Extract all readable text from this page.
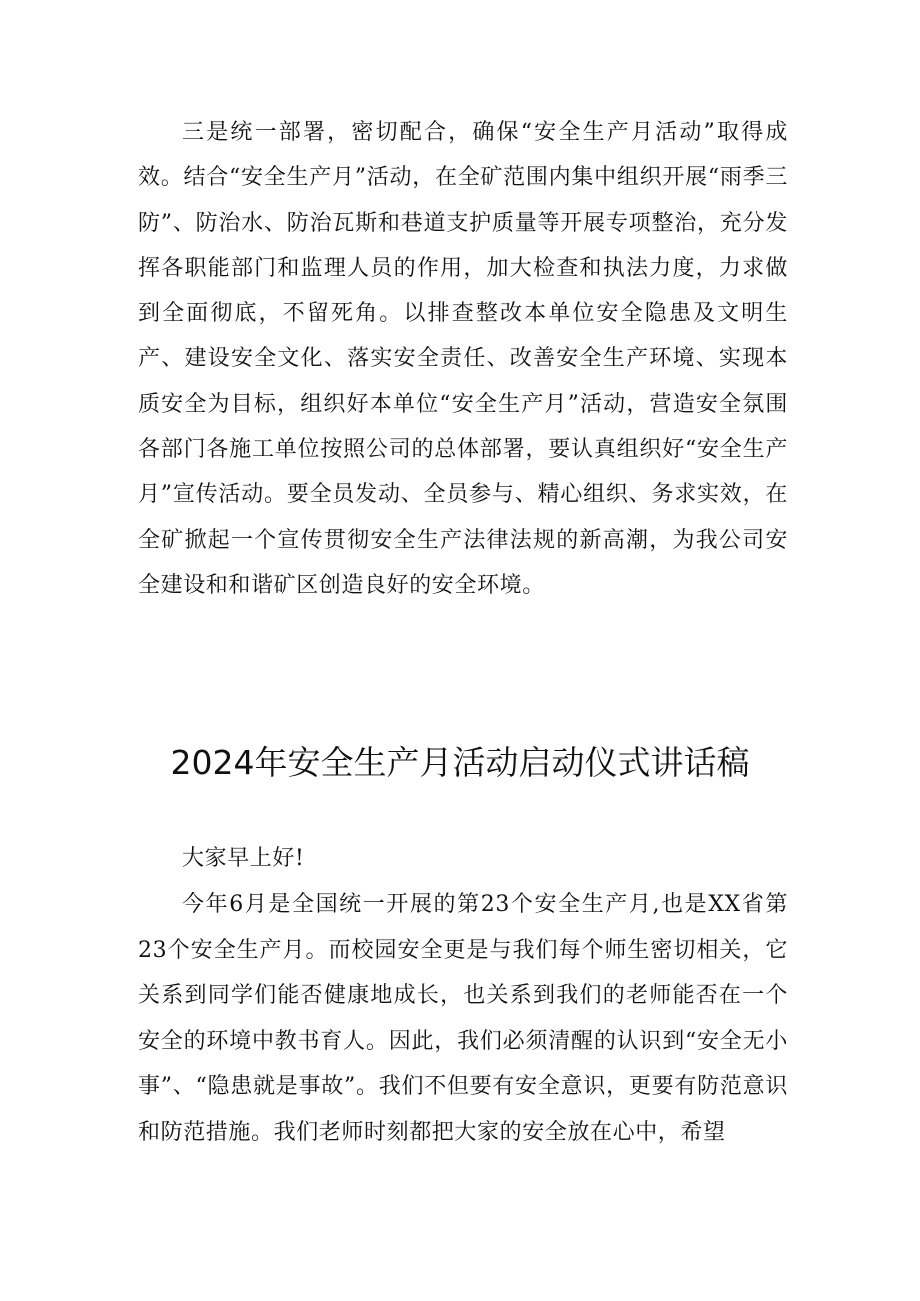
三是统一部署，密切配合，确保“安全生产月活动”取得成效。结合“安全生产月”活动，在全矿范围内集中组织开展“雨季三防”、防治水、防治瓦斯和巷道支护质量等开展专项整治，充分发挥各职能部门和监理人员的作用，加大检查和执法力度，力求做到全面彻底，不留死角。以排查整改本单位安全隐患及文明生产、建设安全文化、落实安全责任、改善安全生产环境、实现本质安全为目标，组织好本单位“安全生产月”活动，营造安全氛围各部门各施工单位按照公司的总体部署，要认真组织好“安全生产月”宣传活动。要全员发动、全员参与、精心组织、务求实效，在全矿掀起一个宣传贯彻安全生产法律法规的新高潮，为我公司安全建设和和谐矿区创造良好的安全环境。

2024年安全生产月活动启动仪式讲话稿

大家早上好!

今年6月是全国统一开展的第23个安全生产月,也是XX省第23个安全生产月。而校园安全更是与我们每个师生密切相关，它关系到同学们能否健康地成长，也关系到我们的老师能否在一个安全的环境中教书育人。因此，我们必须清醒的认识到“安全无小事”、“隐患就是事故”。我们不但要有安全意识，更要有防范意识和防范措施。我们老师时刻都把大家的安全放在心中，希望
